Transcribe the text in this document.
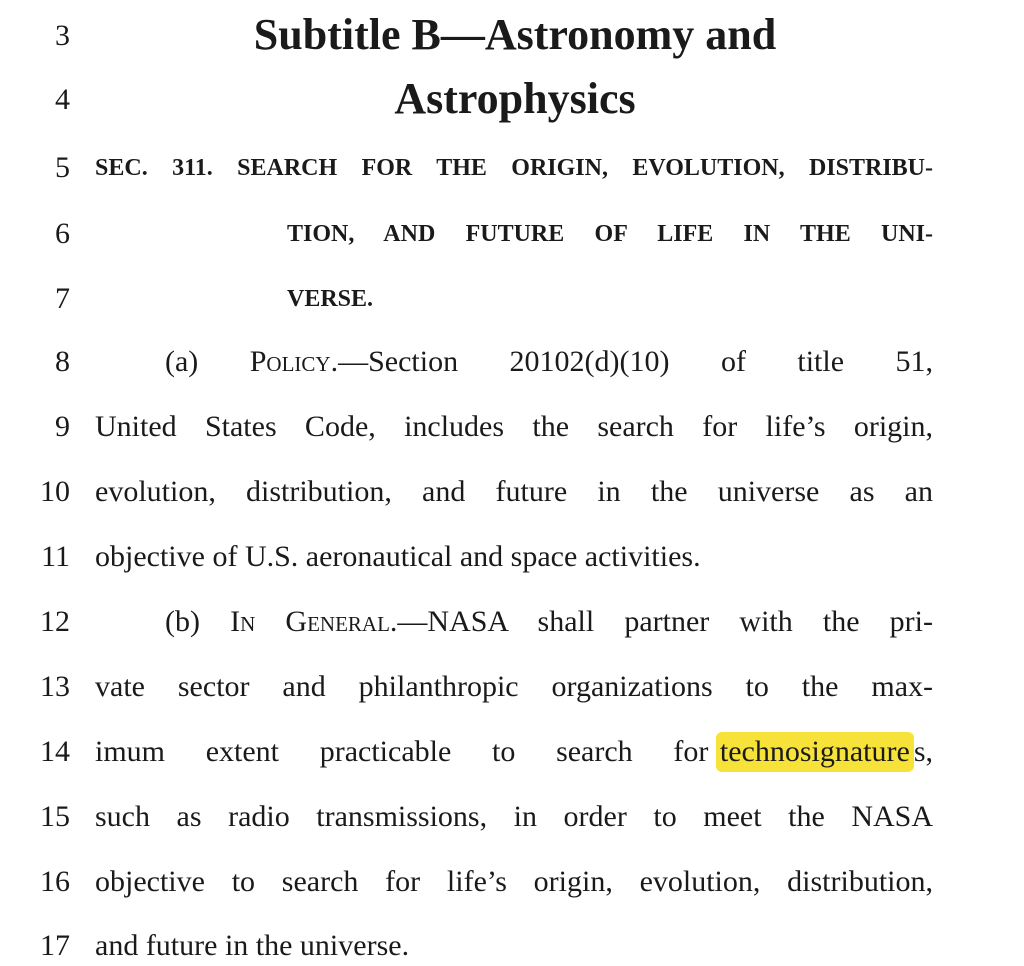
3
4
5
6
7
8
9
10
11
12
13
14
15
16
17
Subtitle B—Astronomy and
Astrophysics
SEC. 311. SEARCH FOR THE ORIGIN, EVOLUTION, DISTRIBU-
TION, AND FUTURE OF LIFE IN THE UNI-
VERSE.
(a) Policy.—Section 20102(d)(10) of title 51,
United States Code, includes the search for life’s origin,
evolution, distribution, and future in the universe as an
objective of U.S. aeronautical and space activities.
(b) In General.—NASA shall partner with the pri-
vate sector and philanthropic organizations to the max-
imum extent practicable to search for technosignature s,
such as radio transmissions, in order to meet the NASA
objective to search for life’s origin, evolution, distribution,
and future in the universe.
